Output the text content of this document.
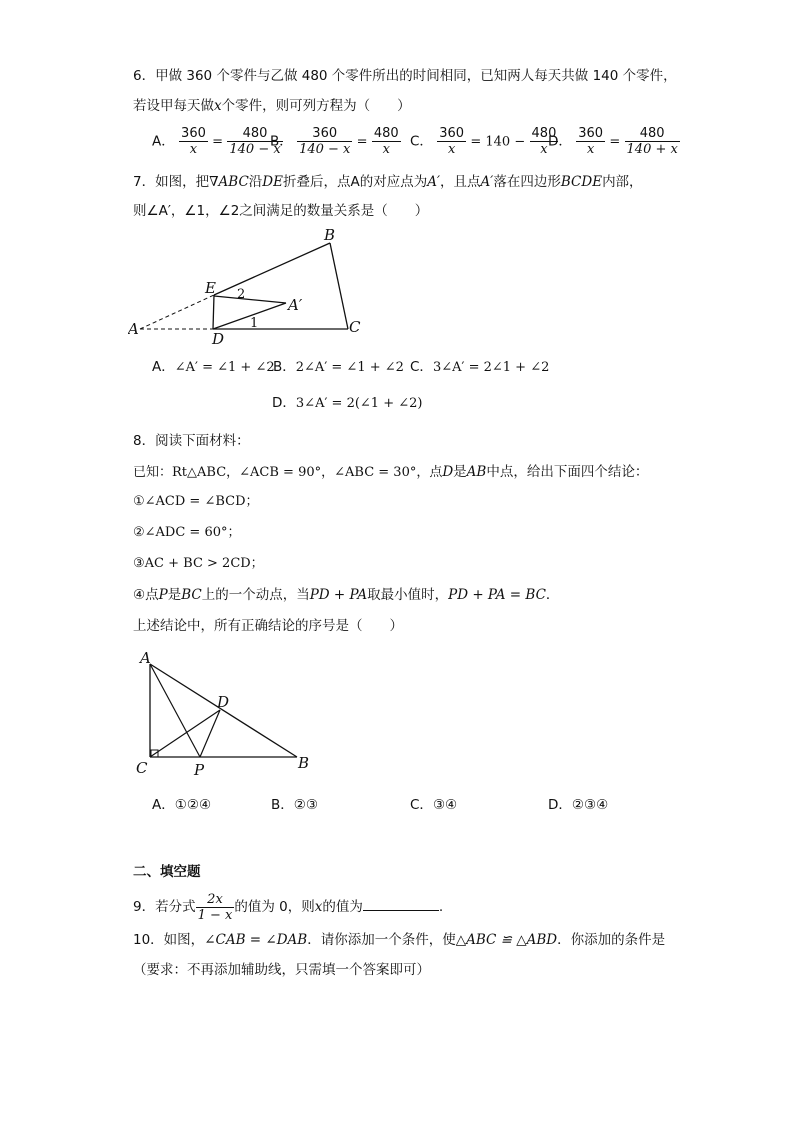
6．甲做 360 个零件与乙做 480 个零件所出的时间相同，已知两人每天共做 140 个零件，
若设甲每天做x个零件，则可列方程为（　　）
A． $\frac{360}{x} = \frac{480}{140 - x}$
B． $\frac{360}{140 - x} = \frac{480}{x}$ C． $\frac{360}{x} = 140 - \frac{480}{x}$
D． $\frac{360}{x} = \frac{480}{140 + x}$
7．如图，把∇ABC沿DE折叠后，点A的对应点为A′，且点A′落在四边形BCDE内部，
则∠A′，∠1，∠2之间满足的数量关系是（　　）
A
B
C
D
E
A′
2
1
A．∠A′ = ∠1 + ∠2
B．2∠A′ = ∠1 + ∠2 C．3∠A′ = 2∠1 + ∠2
D．3∠A′ = 2(∠1 + ∠2)
8．阅读下面材料：
已知：Rt△ABC，∠ACB = 90°，∠ABC = 30°，点D是AB中点，给出下面四个结论：
①∠ACD = ∠BCD；
②∠ADC = 60°；
③AC + BC > 2CD；
④点P是BC上的一个动点，当PD + PA取最小值时，PD + PA = BC．
上述结论中，所有正确结论的序号是（　　）
A
B
C
D
P
A．①②④	B．②③	C．③④	D．②③④
二、填空题
9．若分式 $\frac{2x}{1 - x}$ 的值为 0，则x的值为	.
10．如图，∠CAB = ∠DAB．请你添加一个条件，使△ABC ≌ △ABD．你添加的条件是
（要求：不再添加辅助线，只需填一个答案即可）
